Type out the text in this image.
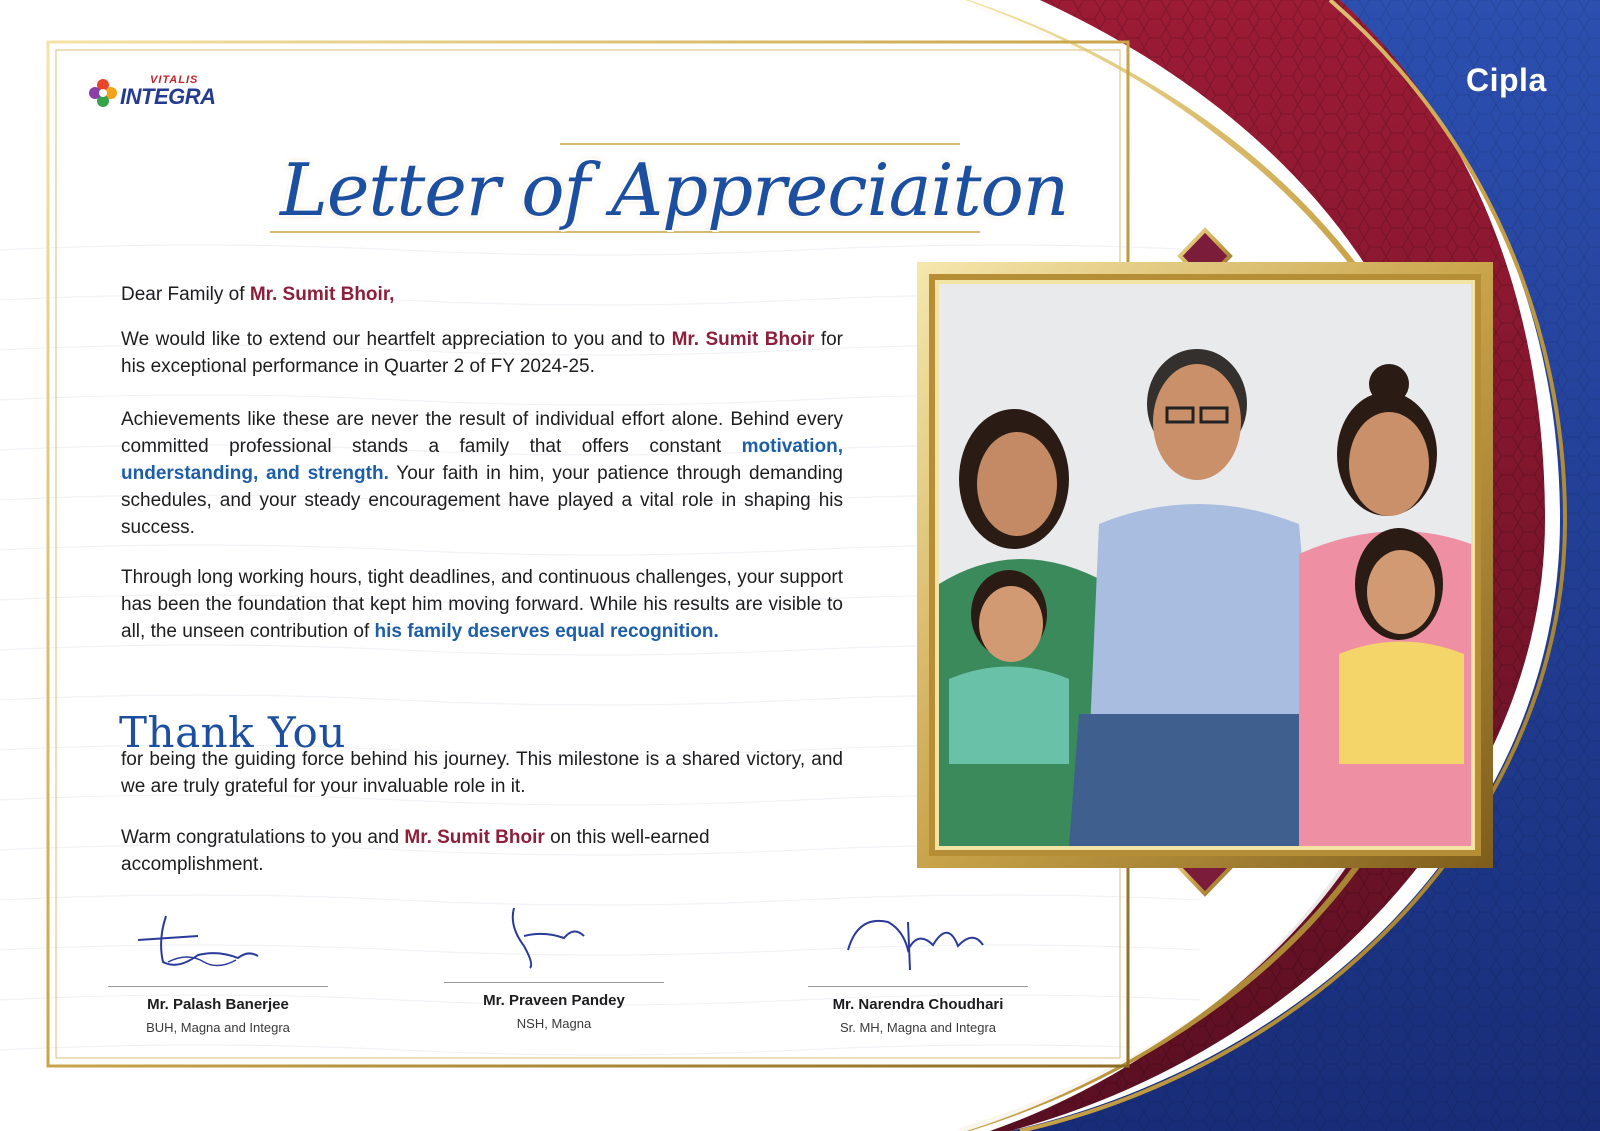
VITALIS
INTEGRA	Cipla
Letter of Appreciaiton
Dear Family of Mr. Sumit Bhoir,
We would like to extend our heartfelt appreciation to you and to Mr. Sumit Bhoir for his exceptional performance in Quarter 2 of FY 2024-25.
Achievements like these are never the result of individual effort alone. Behind every committed professional stands a family that offers constant motivation, understanding, and strength. Your faith in him, your patience through demanding schedules, and your steady encouragement have played a vital role in shaping his success.
Through long working hours, tight deadlines, and continuous challenges, your support has been the foundation that kept him moving forward. While his results are visible to all, the unseen contribution of his family deserves equal recognition.
Thank You
for being the guiding force behind his journey. This milestone is a shared victory, and we are truly grateful for your invaluable role in it.
Warm congratulations to you and Mr. Sumit Bhoir on this well-earned accomplishment.
Mr. Palash Banerjee
BUH, Magna and Integra
Mr. Praveen Pandey
NSH, Magna
Mr. Narendra Choudhari
Sr. MH, Magna and Integra
